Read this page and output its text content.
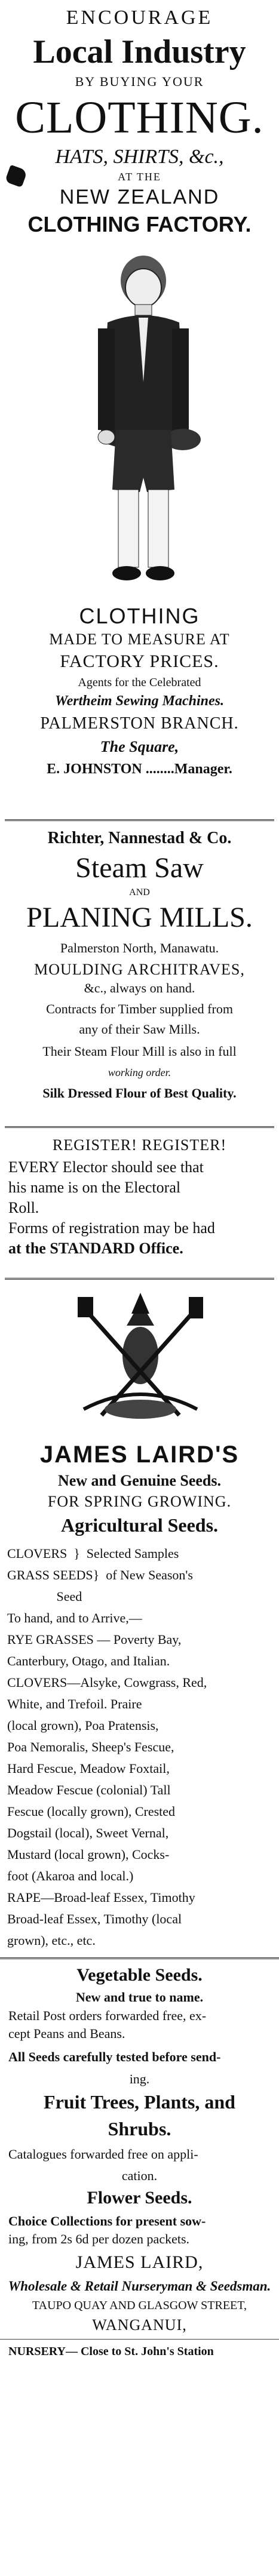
ENCOURAGE
Local Industry
BY BUYING YOUR
CLOTHING.
HATS, SHIRTS, &c.,
AT THE
NEW ZEALAND
CLOTHING FACTORY.
CLOTHING
MADE TO MEASURE AT
FACTORY PRICES.
Agents for the Celebrated
Wertheim Sewing Machines.
PALMERSTON BRANCH.
The Square,
E. JOHNSTON ........Manager.
Richter, Nannestad & Co.
Steam Saw
AND
PLANING MILLS.
Palmerston North, Manawatu.
MOULDING ARCHITRAVES,
&c., always on hand.
Contracts for Timber supplied from
any of their Saw Mills.
Their Steam Flour Mill is also in full
working order.
Silk Dressed Flour of Best Quality.
REGISTER! REGISTER!
EVERY Elector should see that
his name is on the Electoral
Roll.
Forms of registration may be had
at the STANDARD Office.
JAMES LAIRD'S
New and Genuine Seeds.
FOR SPRING GROWING.
Agricultural Seeds.
CLOVERS  }  Selected Samples
GRASS SEEDS}  of New Season's
Seed
To hand, and to Arrive,—
RYE GRASSES — Poverty Bay,
Canterbury, Otago, and Italian.
CLOVERS—Alsyke, Cowgrass, Red,
White, and Trefoil. Praire
(local grown), Poa Pratensis,
Poa Nemoralis, Sheep's Fescue,
Hard Fescue, Meadow Foxtail,
Meadow Fescue (colonial) Tall
Fescue (locally grown), Crested
Dogstail (local), Sweet Vernal,
Mustard (local grown), Cocks-
foot (Akaroa and local.)
RAPE—Broad-leaf Essex, Timothy
Broad-leaf Essex, Timothy (local
grown), etc., etc.
Vegetable Seeds.
New and true to name.
Retail Post orders forwarded free, ex-
cept Peans and Beans.
All Seeds carefully tested before send-
ing.
Fruit Trees, Plants, and
Shrubs.
Catalogues forwarded free on appli-
cation.
Flower Seeds.
Choice Collections for present sow-
ing, from 2s 6d per dozen packets.
JAMES LAIRD,
Wholesale & Retail Nurseryman & Seedsman.
TAUPO QUAY AND GLASGOW STREET,
WANGANUI,
NURSERY— Close to St. John's Station
